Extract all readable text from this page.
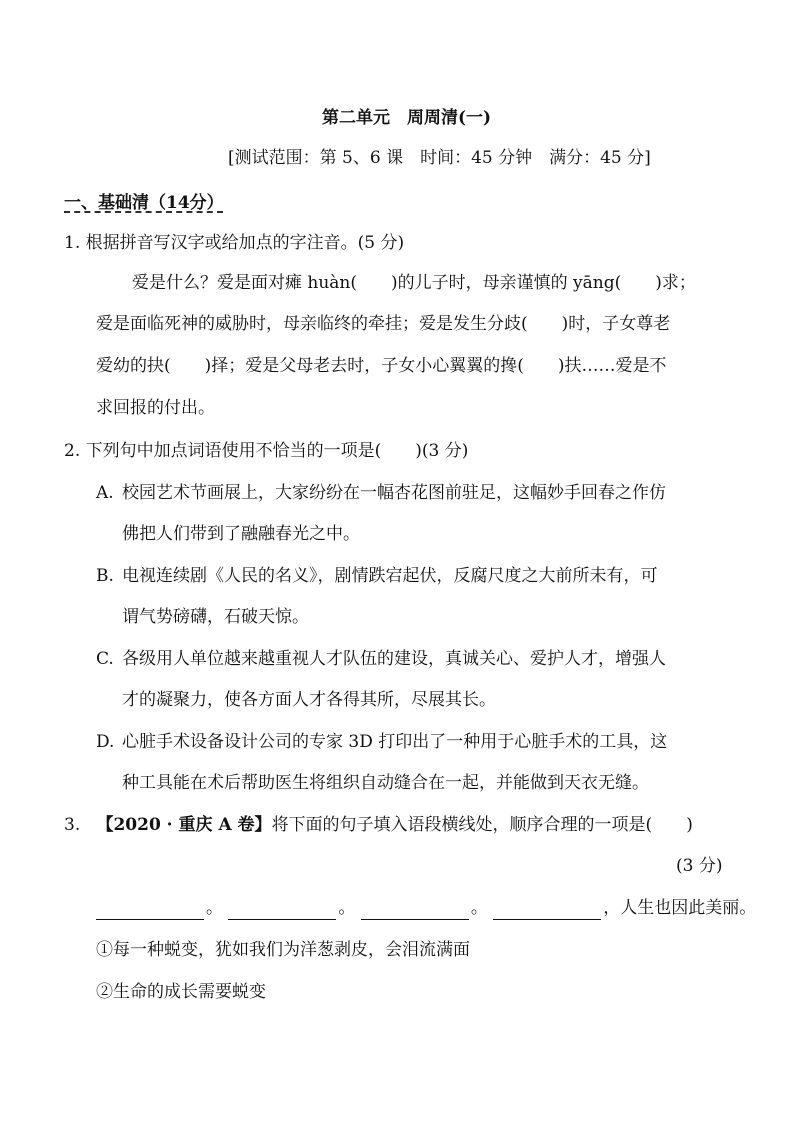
第二单元　周周清(一)
[测试范围：第 5、6 课　时间：45 分钟　满分：45 分]
一、基础清（14分）
1. 根据拼音写汉字或给加点的字注音。(5 分)
爱是什么？爱是面对瘫 huàn(　　)的儿子时，母亲谨慎的 yāng(　　)求；
爱是面临死神的威胁时，母亲临终的牵挂；爱是发生分歧(　　)时，子女尊老
爱幼的抉(　　)择；爱是父母老去时，子女小心翼翼的搀(　　)扶……爱是不
求回报的付出。
2. 下列句中加点词语使用不恰当的一项是(　　)(3 分)
A. 校园艺术节画展上，大家纷纷在一幅杏花图前驻足，这幅妙手回春之作仿
佛把人们带到了融融春光之中。
B. 电视连续剧《人民的名义》，剧情跌宕起伏，反腐尺度之大前所未有，可
谓气势磅礴，石破天惊。
C. 各级用人单位越来越重视人才队伍的建设，真诚关心、爱护人才，增强人
才的凝聚力，使各方面人才各得其所，尽展其长。
D. 心脏手术设备设计公司的专家 3D 打印出了一种用于心脏手术的工具，这
种工具能在术后帮助医生将组织自动缝合在一起，并能做到天衣无缝。
3. 【2020 · 重庆 A 卷】将下面的句子填入语段横线处，顺序合理的一项是(　　)
(3 分)
。	。	。	，人生也因此美丽。
①每一种蜕变，犹如我们为洋葱剥皮，会泪流满面
②生命的成长需要蜕变
